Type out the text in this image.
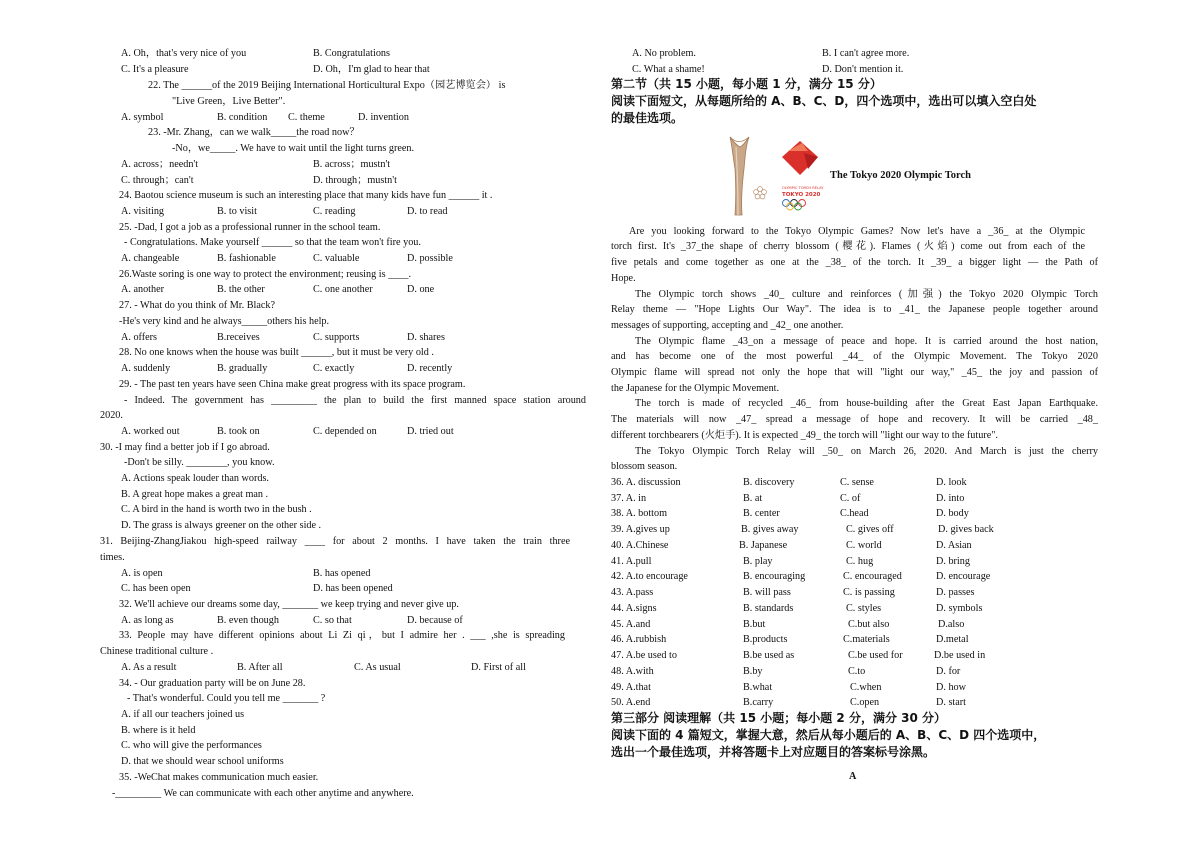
A. Oh，that's very nice of you	B. Congratulations
C. It's a pleasure	D. Oh，I'm glad to hear that
22. The ______of the 2019 Beijing International Horticultural Expo（园艺博览会） is
"Live Green，Live Better".
A. symbol	B. condition C. theme	D. invention
23. -Mr. Zhang，can we walk_____the road now？
-No，we_____. We have to wait until the light turns green.
A. across；needn't	B. across；mustn't
C. through；can't	D. through；mustn't
24. Baotou science museum is such an interesting place that many kids have fun ______ it .
A. visiting	B. to visit	C. reading	D. to read
25. -Dad, I got a job as a professional runner in the school team.
- Congratulations. Make yourself ______ so that the team won't fire you.
A. changeable	B. fashionable	C. valuable	D. possible
26.Waste soring is one way to protect the environment; reusing is ____.
A. another	B. the other	C. one another	D. one
27. - What do you think of Mr. Black?
-He's very kind and he always_____others his help.
A. offers	B.receives	C. supports	D. shares
28. No one knows when the house was built ______, but it must be very old .
A. suddenly	B. gradually	C. exactly	D. recently
29. - The past ten years have seen China make great progress with its space program.
- Indeed. The government has _________ the plan to build the first manned space station around
2020.
A. worked out	B. took on	C. depended on	D. tried out
30. -I may find a better job if I go abroad.
-Don't be silly. ________, you know.
A. Actions speak louder than words.
B. A great hope makes a great man .
C. A bird in the hand is worth two in the bush .
D. The grass is always greener on the other side .
31. Beijing-ZhangJiakou high-speed railway ____ for about 2 months. I have taken the train three
times.
A. is open	B. has opened
C. has been open	D. has been opened
32. We'll achieve our dreams some day, _______ we keep trying and never give up.
A. as long as	B. even though	C. so that	D. because of
33. People may have different opinions about Li Zi qi，but I admire her . ___ ,she is spreading
Chinese traditional culture .
A. As a result	B. After all	C. As usual	D. First of all
34. - Our graduation party will be on June 28.
- That's wonderful. Could you tell me _______ ?
A. if all our teachers joined us
B. where is it held
C. who will give the performances
D. that we should wear school uniforms
35. -WeChat makes communication much easier.
-_________ We can communicate with each other anytime and anywhere.
A. No problem.	B. I can't agree more.
C. What a shame!	D. Don't mention it.
第二节（共 15 小题，每小题 1 分，满分 15 分）
阅读下面短文，从每题所给的 A、B、C、D，四个选项中，选出可以填入空白处
的最佳选项。
Are you looking forward to the Tokyo Olympic Games? Now let's have a _36_ at the Olympic
torch first. It's _37_the shape of cherry blossom (樱花). Flames (火焰) come out from each of the
five petals and come together as one at the _38_ of the torch. It _39_ a bigger light — the Path of
Hope.
The Olympic torch shows _40_ culture and reinforces (加强) the Tokyo 2020 Olympic Torch
Relay theme — "Hope Lights Our Way". The idea is to _41_ the Japanese people together around
messages of supporting, accepting and _42_ one another.
The Olympic flame _43_on a message of peace and hope. It is carried around the host nation,
and has become one of the most powerful _44_ of the Olympic Movement. The Tokyo 2020
Olympic flame will spread not only the hope that will "light our way," _45_ the joy and passion of
the Japanese for the Olympic Movement.
The torch is made of recycled _46_ from house-building after the Great East Japan Earthquake.
The materials will now _47_ spread a message of hope and recovery. It will be carried _48_
different torchbearers (火炬手). It is expected _49_ the torch will "light our way to the future".
The Tokyo Olympic Torch Relay will _50_ on March 26, 2020. And March is just the cherry
blossom season.
36. A. discussion	B. discovery	C. sense	D. look
37. A. in	B. at	C. of	D. into
38. A. bottom	B. center	C.head	D. body
39. A.gives up	B. gives away	C. gives off	D. gives back
40. A.Chinese	B. Japanese	C. world	D. Asian
41. A.pull	B. play	C. hug	D. bring
42. A.to encourage	B. encouraging	C. encouraged	D. encourage
43. A.pass	B. will pass	C. is passing	D. passes
44. A.signs	B. standards	C. styles	D. symbols
45. A.and	B.but	C.but also	D.also
46. A.rubbish	B.products	C.materials	D.metal
47. A.be used to	B.be used as	C.be used for	D.be used in
48. A.with	B.by	C.to	D. for
49. A.that	B.what	C.when	D. how
50. A.end	B.carry	C.open	D. start
第三部分 阅读理解（共 15 小题；每小题 2 分，满分 30 分）
阅读下面的 4 篇短文，掌握大意，然后从每小题后的 A、B、C、D 四个选项中，
选出一个最佳选项，并将答题卡上对应题目的答案标号涂黑。
A
OLYMPIC TORCH RELAY
TOKYO 2020
The Tokyo 2020 Olympic Torch
